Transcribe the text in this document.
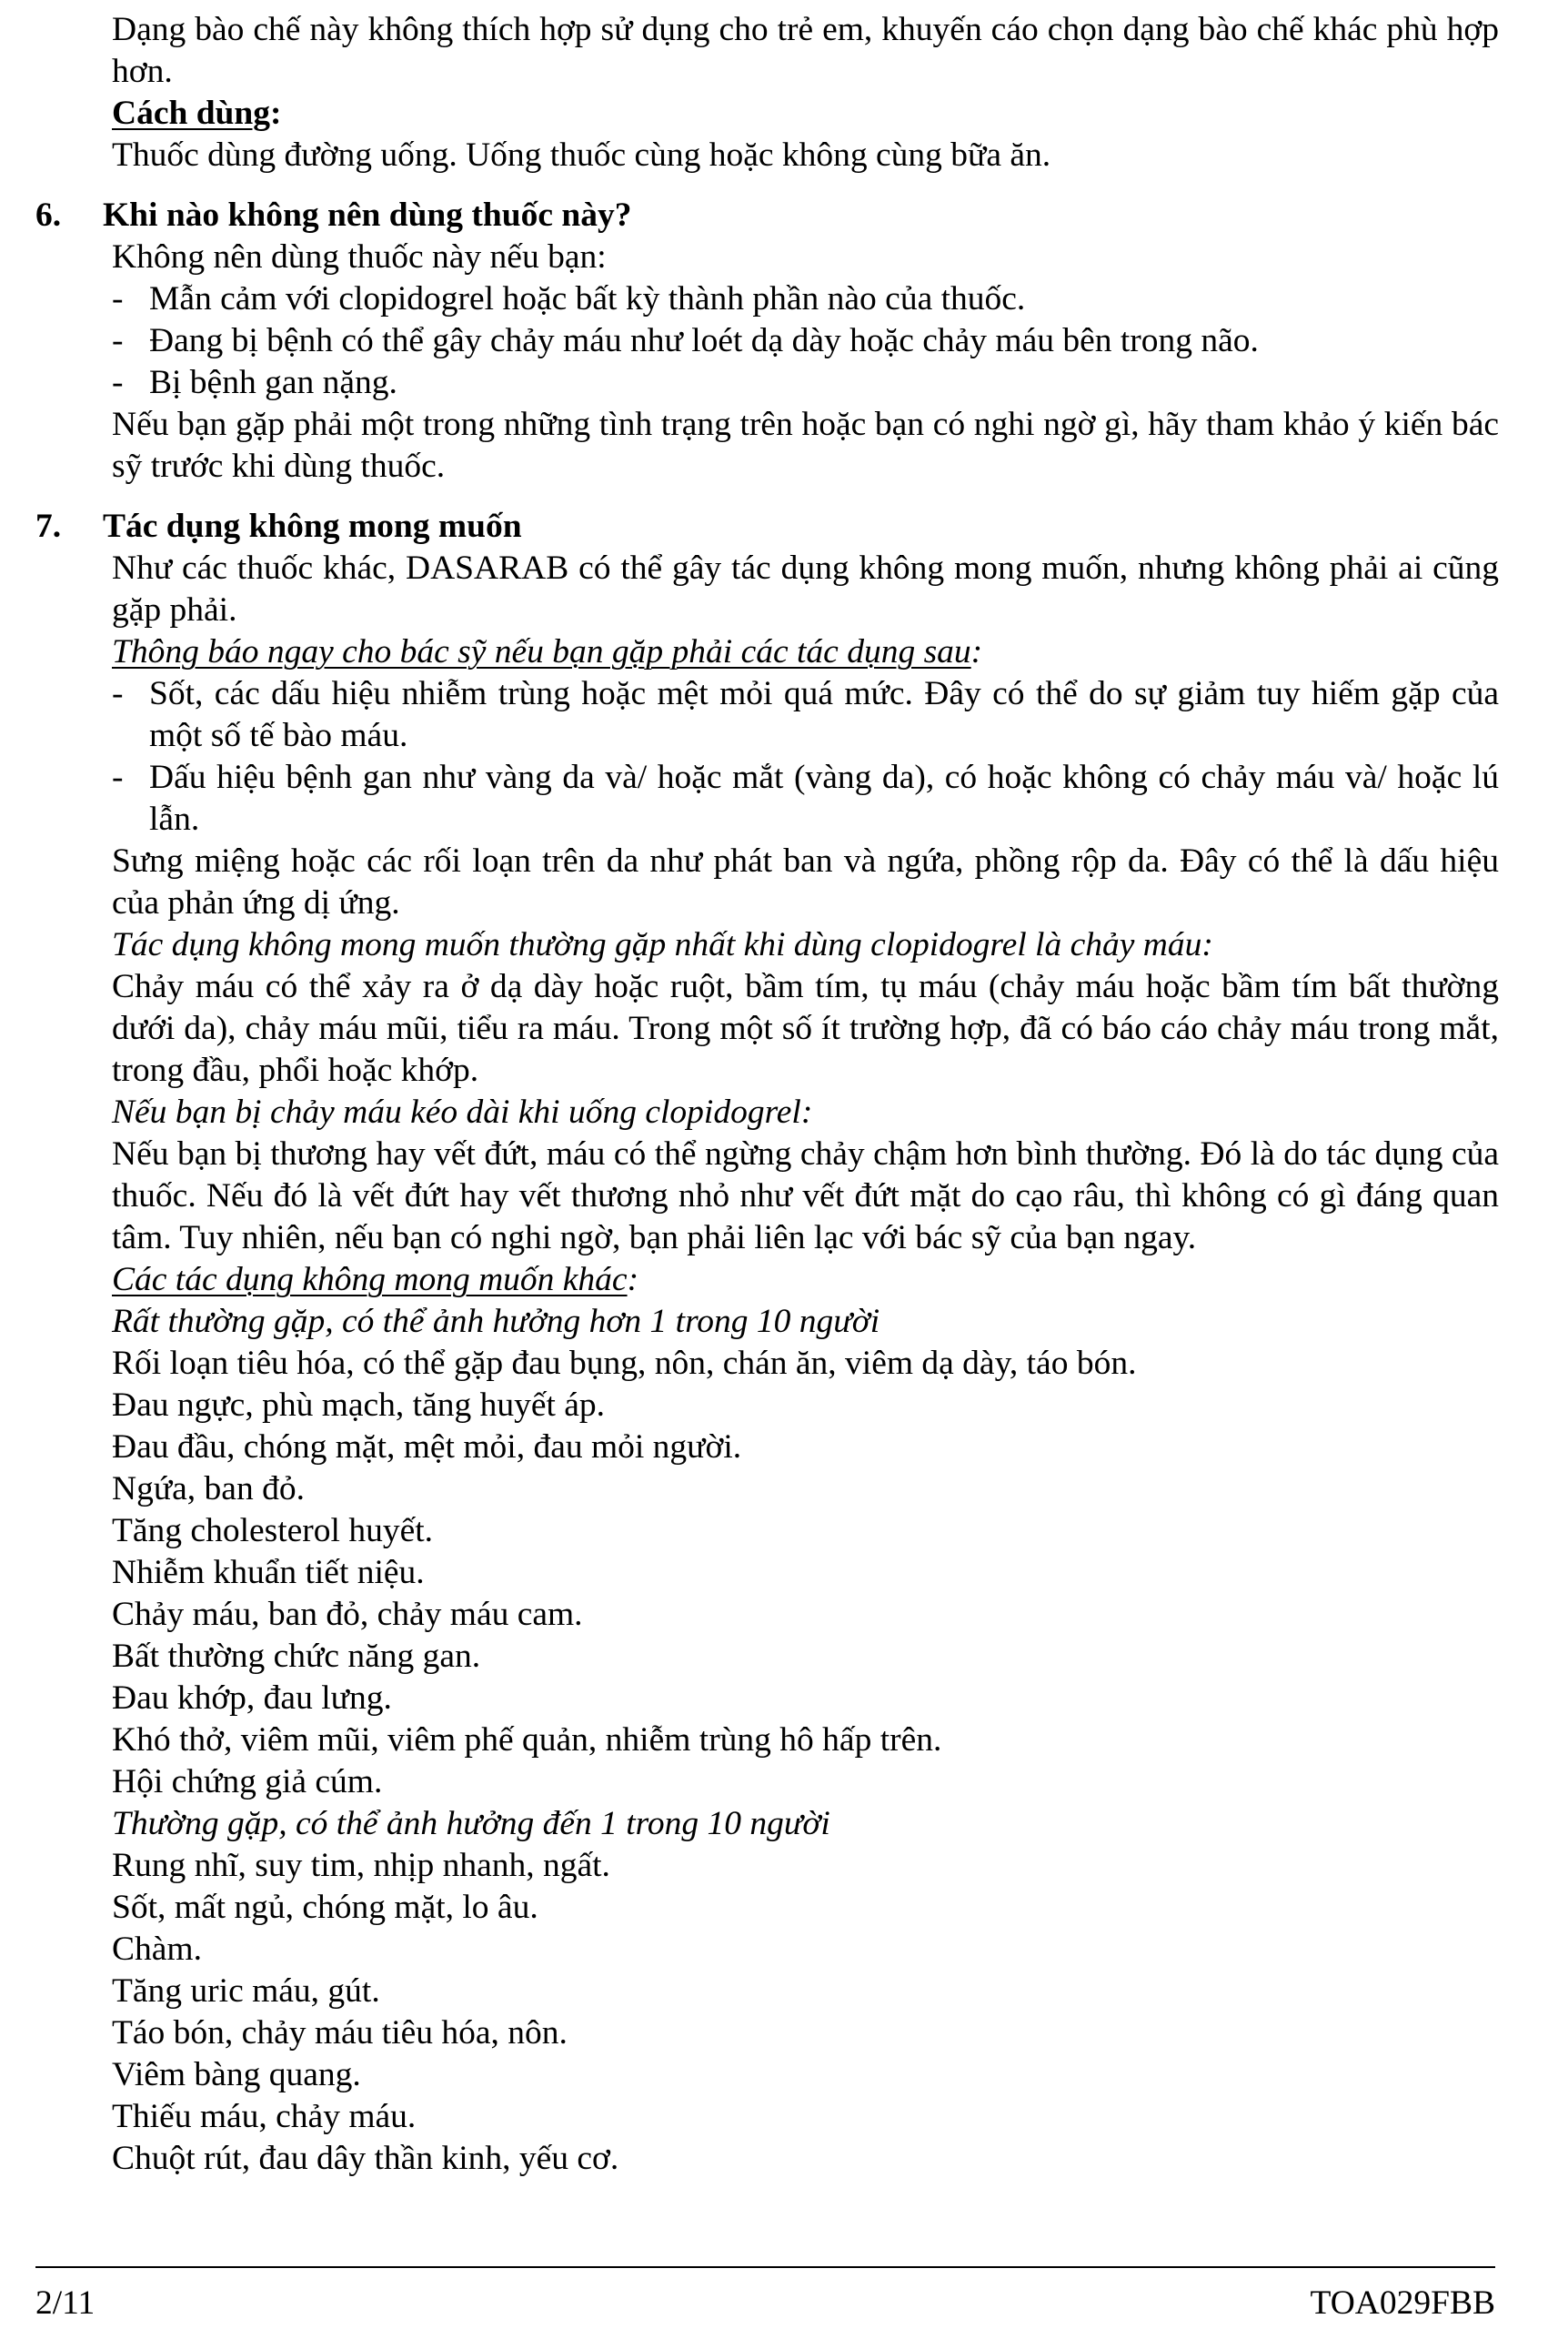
Dạng bào chế này không thích hợp sử dụng cho trẻ em, khuyến cáo chọn dạng bào chế khác phù hợp hơn.

Cách dùng:

Thuốc dùng đường uống. Uống thuốc cùng hoặc không cùng bữa ăn.

6. Khi nào không nên dùng thuốc này?

Không nên dùng thuốc này nếu bạn:

- Mẫn cảm với clopidogrel hoặc bất kỳ thành phần nào của thuốc.
- Đang bị bệnh có thể gây chảy máu như loét dạ dày hoặc chảy máu bên trong não.
- Bị bệnh gan nặng.

Nếu bạn gặp phải một trong những tình trạng trên hoặc bạn có nghi ngờ gì, hãy tham khảo ý kiến bác sỹ trước khi dùng thuốc.

7. Tác dụng không mong muốn

Như các thuốc khác, DASARAB có thể gây tác dụng không mong muốn, nhưng không phải ai cũng gặp phải.

Thông báo ngay cho bác sỹ nếu bạn gặp phải các tác dụng sau:

- Sốt, các dấu hiệu nhiễm trùng hoặc mệt mỏi quá mức. Đây có thể do sự giảm tuy hiếm gặp của một số tế bào máu.
- Dấu hiệu bệnh gan như vàng da và/ hoặc mắt (vàng da), có hoặc không có chảy máu và/ hoặc lú lẫn.

Sưng miệng hoặc các rối loạn trên da như phát ban và ngứa, phồng rộp da. Đây có thể là dấu hiệu của phản ứng dị ứng.

Tác dụng không mong muốn thường gặp nhất khi dùng clopidogrel là chảy máu:

Chảy máu có thể xảy ra ở dạ dày hoặc ruột, bầm tím, tụ máu (chảy máu hoặc bầm tím bất thường dưới da), chảy máu mũi, tiểu ra máu. Trong một số ít trường hợp, đã có báo cáo chảy máu trong mắt, trong đầu, phổi hoặc khớp.

Nếu bạn bị chảy máu kéo dài khi uống clopidogrel:

Nếu bạn bị thương hay vết đứt, máu có thể ngừng chảy chậm hơn bình thường. Đó là do tác dụng của thuốc. Nếu đó là vết đứt hay vết thương nhỏ như vết đứt mặt do cạo râu, thì không có gì đáng quan tâm. Tuy nhiên, nếu bạn có nghi ngờ, bạn phải liên lạc với bác sỹ của bạn ngay.

Các tác dụng không mong muốn khác:

Rất thường gặp, có thể ảnh hưởng hơn 1 trong 10 người

Rối loạn tiêu hóa, có thể gặp đau bụng, nôn, chán ăn, viêm dạ dày, táo bón.

Đau ngực, phù mạch, tăng huyết áp.

Đau đầu, chóng mặt, mệt mỏi, đau mỏi người.

Ngứa, ban đỏ.

Tăng cholesterol huyết.

Nhiễm khuẩn tiết niệu.

Chảy máu, ban đỏ, chảy máu cam.

Bất thường chức năng gan.

Đau khớp, đau lưng.

Khó thở, viêm mũi, viêm phế quản, nhiễm trùng hô hấp trên.

Hội chứng giả cúm.

Thường gặp, có thể ảnh hưởng đến 1 trong 10 người

Rung nhĩ, suy tim, nhịp nhanh, ngất.

Sốt, mất ngủ, chóng mặt, lo âu.

Chàm.

Tăng uric máu, gút.

Táo bón, chảy máu tiêu hóa, nôn.

Viêm bàng quang.

Thiếu máu, chảy máu.

Chuột rút, đau dây thần kinh, yếu cơ.

2/11	TOA029FBB
